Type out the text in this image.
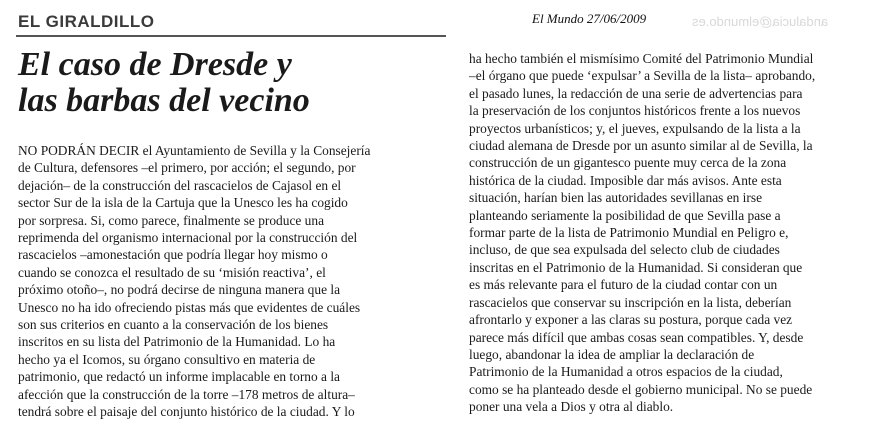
andalucia@elmundo.es
EL GIRALDILLO	El Mundo 27/06/2009
El caso de Dresde y
las barbas del vecino
NO PODRÁN DECIR el Ayuntamiento de Sevilla y la Consejería
de Cultura, defensores –el primero, por acción; el segundo, por
dejación– de la construcción del rascacielos de Cajasol en el
sector Sur de la isla de la Cartuja que la Unesco les ha cogido
por sorpresa. Si, como parece, finalmente se produce una
reprimenda del organismo internacional por la construcción del
rascacielos –amonestación que podría llegar hoy mismo o
cuando se conozca el resultado de su ‘misión reactiva’, el
próximo otoño–, no podrá decirse de ninguna manera que la
Unesco no ha ido ofreciendo pistas más que evidentes de cuáles
son sus criterios en cuanto a la conservación de los bienes
inscritos en su lista del Patrimonio de la Humanidad. Lo ha
hecho ya el Icomos, su órgano consultivo en materia de
patrimonio, que redactó un informe implacable en torno a la
afección que la construcción de la torre –178 metros de altura–
tendrá sobre el paisaje del conjunto histórico de la ciudad. Y lo
ha hecho también el mismísimo Comité del Patrimonio Mundial
–el órgano que puede ‘expulsar’ a Sevilla de la lista– aprobando,
el pasado lunes, la redacción de una serie de advertencias para
la preservación de los conjuntos históricos frente a los nuevos
proyectos urbanísticos; y, el jueves, expulsando de la lista a la
ciudad alemana de Dresde por un asunto similar al de Sevilla, la
construcción de un gigantesco puente muy cerca de la zona
histórica de la ciudad. Imposible dar más avisos. Ante esta
situación, harían bien las autoridades sevillanas en irse
planteando seriamente la posibilidad de que Sevilla pase a
formar parte de la lista de Patrimonio Mundial en Peligro e,
incluso, de que sea expulsada del selecto club de ciudades
inscritas en el Patrimonio de la Humanidad. Si consideran que
es más relevante para el futuro de la ciudad contar con un
rascacielos que conservar su inscripción en la lista, deberían
afrontarlo y exponer a las claras su postura, porque cada vez
parece más difícil que ambas cosas sean compatibles. Y, desde
luego, abandonar la idea de ampliar la declaración de
Patrimonio de la Humanidad a otros espacios de la ciudad,
como se ha planteado desde el gobierno municipal. No se puede
poner una vela a Dios y otra al diablo.
